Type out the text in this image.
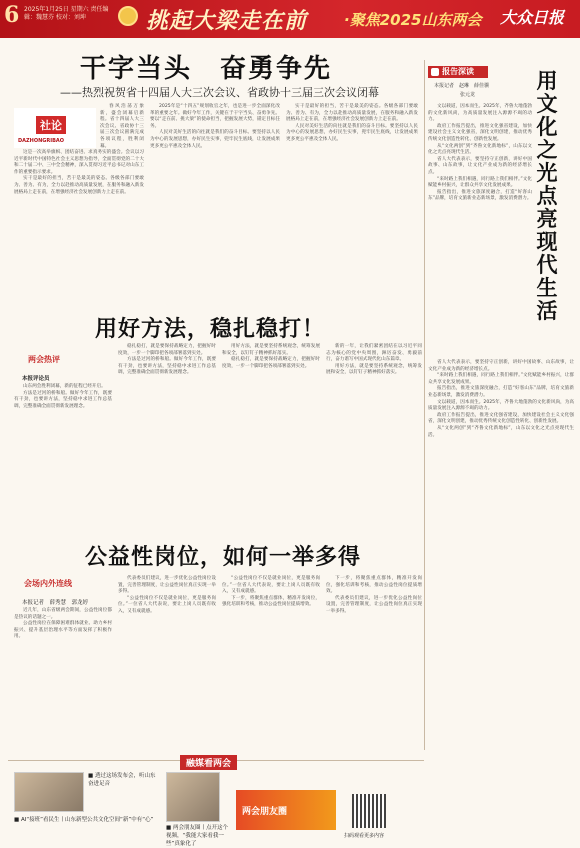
6 2025年1月25日 星期六 责任编辑：魏慧芬 校对：刘坤	挑起大梁走在前 ·聚焦2025山东两会 大众日报
干字当头　奋勇争先
——热烈祝贺省十四届人大三次会议、省政协十三届三次会议闭幕
社论
DAZHONGRIBAO

春风浩荡万象新，盛会闭幕启新程。省十四届人大三次会议、省政协十三届三次会议圆满完成各项议程，胜利闭幕。

这是一次高举旗帜、团结奋进、求真务实的盛会。会议以习近平新时代中国特色社会主义思想为指导，全面贯彻党的二十大和二十届二中、三中全会精神，深入贯彻习近平总书记对山东工作的重要指示要求。

实干是最好的担当，苦干是最美的姿态。各级各部门要敢为、善为、有为，全力以赴推动高质量发展，在服务和融入新发展格局上走在前，在增强经济社会发展创新力上走在前。

2025年是“十四五”规划收官之年，也是进一步全面深化改革的重要之年。做好今年工作，关键在于干字当头、奋勇争先。要以“走在前、挑大梁”的使命担当，把握发展大势，锚定目标任务。

人民对美好生活的向往就是我们的奋斗目标。要坚持以人民为中心的发展思想，办好民生实事，兜牢民生底线，让发展成果更多更公平惠及全体人民。

实干是最好的担当，苦干是最美的姿态。各级各部门要敢为、善为、有为，全力以赴推动高质量发展，在服务和融入新发展格局上走在前，在增强经济社会发展创新力上走在前。

人民对美好生活的向往就是我们的奋斗目标。要坚持以人民为中心的发展思想，办好民生实事，兜牢民生底线，让发展成果更多更公平惠及全体人民。

报告深读
本报记者　赵琳　薛佳骥
张元龙
用文化之光点亮现代生活

文以载道，因本而生。2025年，齐鲁大地蓬勃的文化新风尚，为高质量发展注入源源不竭的动力。

政府工作报告提出，推进文化强省建设，加快建设社会主义文化强省，深化文明创建，推动优秀传统文化创造性转化、创新性发展。

从“文化两创”到“齐鲁文化新地标”，山东以文化之光点亮现代生活。

省人大代表表示，要坚持守正创新，讲好中国故事、山东故事，让文化产业成为新的经济增长点。

“来时路上我们相遇，同行路上我们相伴。”文化赋能乡村振兴，让群众共享文化发展成果。

报告指出，推进文旅深度融合，打造“好客山东”品牌，培育文旅新业态新场景，激发消费潜力。

省人大代表表示，要坚持守正创新，讲好中国故事、山东故事，让文化产业成为新的经济增长点。

“来时路上我们相遇，同行路上我们相伴。”文化赋能乡村振兴，让群众共享文化发展成果。

报告指出，推进文旅深度融合，打造“好客山东”品牌，培育文旅新业态新场景，激发消费潜力。

文以载道，因本而生。2025年，齐鲁大地蓬勃的文化新风尚，为高质量发展注入源源不竭的动力。

政府工作报告提出，推进文化强省建设，加快建设社会主义文化强省，深化文明创建，推动优秀传统文化创造性转化、创新性发展。

从“文化两创”到“齐鲁文化新地标”，山东以文化之光点亮现代生活。

用好方法，稳扎稳打！
两会热评
本报评论员

山东两会胜利闭幕，新的征程已经开启。

方法是过河的桥和船。做好今年工作，既要有干劲，也要讲方法，坚持稳中求进工作总基调，完整准确全面贯彻新发展理念。

稳扎稳打，就是要保持战略定力，把握好时度效，一步一个脚印把各项部署落到实处。

方法是过河的桥和船。做好今年工作，既要有干劲，也要讲方法，坚持稳中求进工作总基调，完整准确全面贯彻新发展理念。

用好方法，就是要坚持系统观念，统筹发展和安全，以钉钉子精神抓好落实。

稳扎稳打，就是要保持战略定力，把握好时度效，一步一个脚印把各项部署落到实处。

新的一年，让我们紧密团结在以习近平同志为核心的党中央周围，踔厉奋发、勇毅前行，奋力谱写中国式现代化山东篇章。

用好方法，就是要坚持系统观念，统筹发展和安全，以钉钉子精神抓好落实。

公益性岗位，如何一举多得
会场内外连线
本报记者　薛秀慧　郭龙婷

近几年，山东省级两会期间，公益性岗位都是热议的话题之一。

公益性岗位在保障困难群体就业、助力乡村振兴、提升基层治理水平等方面发挥了积极作用。

代表委员们建议，进一步优化公益性岗位设置，完善管理制度，让公益性岗位真正实现一举多得。

“公益性岗位不仅是就业岗位，更是服务岗位。”一位省人大代表说，要让上岗人员既有收入，又有成就感。

“公益性岗位不仅是就业岗位，更是服务岗位。”一位省人大代表说，要让上岗人员既有收入，又有成就感。

下一步，将聚焦重点群体，精准开发岗位，强化培训和考核，推动公益性岗位提质增效。

下一步，将聚焦重点群体，精准开发岗位，强化培训和考核，推动公益性岗位提质增效。

代表委员们建议，进一步优化公益性岗位设置，完善管理制度，让公益性岗位真正实现一举多得。

融媒看两会
■ 透过这场发布会，听山东奋进足音
■ AI“接班”看民生丨山东新型公共文化空间“新”中有“心”
■ 两会朋友圈丨点开这个视频，“我能大家看我一些”真象化了
两会朋友圈
扫码观看更多内容
